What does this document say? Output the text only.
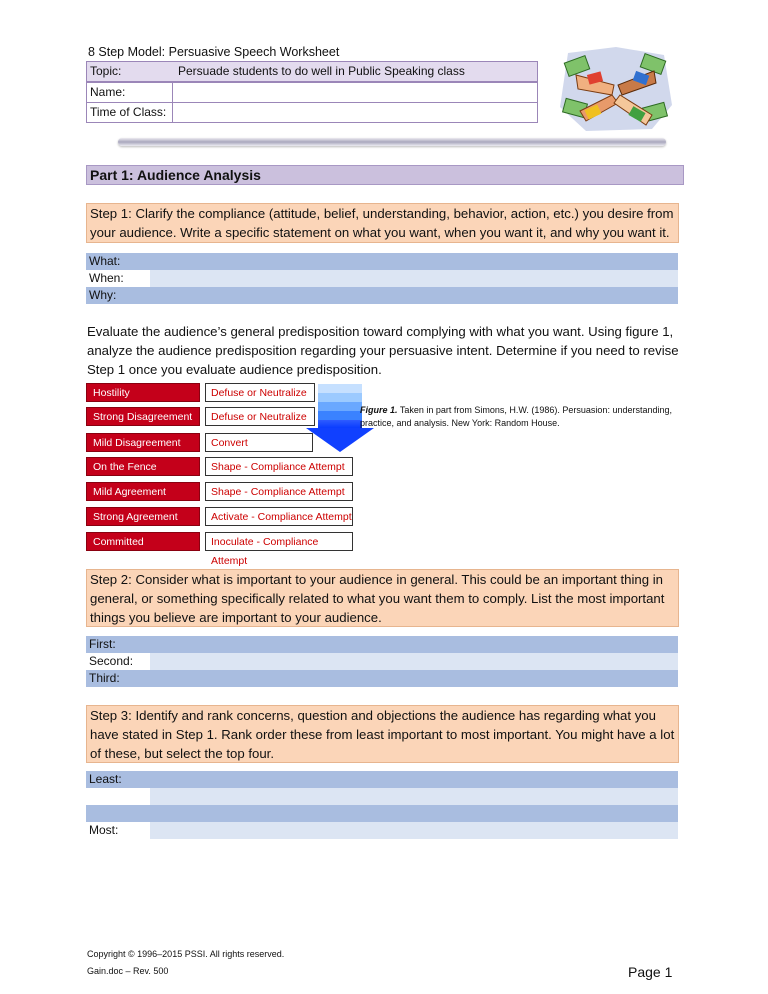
8 Step Model: Persuasive Speech Worksheet
Topic:	Persuade students to do well in Public Speaking class
Name:
Time of Class:
Part 1: Audience Analysis
Step 1: Clarify the compliance (attitude, belief, understanding, behavior, action, etc.) you desire from your audience. Write a specific statement on what you want, when you want it, and why you want it.
What:
When:
Why:
Evaluate the audience’s general predisposition toward complying with what you want. Using figure 1, analyze the audience predisposition regarding your persuasive intent. Determine if you need to revise Step 1 once you evaluate audience predisposition.
Hostility	Defuse or Neutralize
Strong Disagreement	Defuse or Neutralize
Mild Disagreement	Convert
On the Fence	Shape - Compliance Attempt
Mild Agreement	Shape - Compliance Attempt
Strong Agreement	Activate - Compliance Attempt
Committed	Inoculate - Compliance Attempt
Figure 1. Taken in part from Simons, H.W. (1986). Persuasion: understanding, practice, and analysis. New York: Random House.
Step 2: Consider what is important to your audience in general. This could be an important thing in general, or something specifically related to what you want them to comply. List the most important things you believe are important to your audience.
First:
Second:
Third:
Step 3: Identify and rank concerns, question and objections the audience has regarding what you have stated in Step 1. Rank order these from least important to most important. You might have a lot of these, but select the top four.
Least:
Most:
Copyright © 1996–2015 PSSI. All rights reserved.
Gain.doc – Rev. 500	Page 1
